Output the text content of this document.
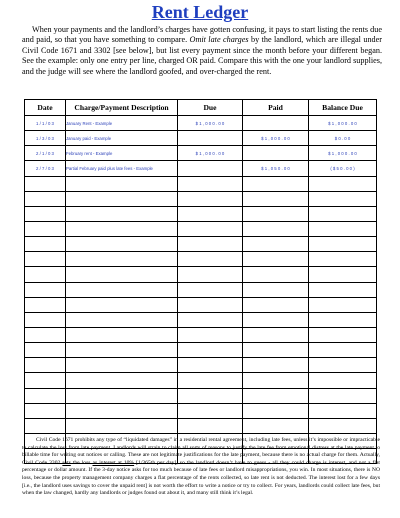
Rent Ledger
When your payments and the landlord’s charges have gotten confusing, it pays to start listing the rents due and paid, so that you have something to compare. Omit late charges by the landlord, which are illegal under Civil Code 1671 and 3302 [see below], but list every payment since the month before your different began. See the example: only one entry per line, charged OR paid. Compare this with the one your landlord supplies, and the judge will see where the landlord goofed, and over-charged the rent.
Date	Charge/Payment Description	Due	Paid	Balance Due
1 / 1 / 0 3	January Rent - Example	$ 1 , 0 0 0 . 0 0		$ 1 , 0 0 0 . 0 0
1 / 3 / 0 3	January paid - Example		$ 1 , 0 0 0 . 0 0	$ 0 . 0 0
2 / 1 / 0 3	February rent - Example	$ 1 , 0 0 0 . 0 0		$ 1 , 0 0 0 . 0 0
2 / 7 / 0 3	Partial February paid plus late fees - Example		$ 1 , 0 5 0 . 0 0	( $ 5 0 . 0 0 )

Civil Code 1671 prohibits any type of “liquidated damages” in a residential rental agreement, including late fees, unless it’s impossible or impracticable to calculate the loss from late payment. Landlords will strain to claim all sorts of reasons to justify the late fee from emotional distress at the late payment to billable time for writing out notices or calling. These are not legitimate justifications for the late payment, because there is no actual charge for them. Actually, Civil Code 3302 sets the loss as interest at 10% [1/365th per day], so the landlord doesn’t have to guess - all they could charge is interest, and not a flat percentage or dollar amount. If the 3-day notice asks for too much because of late fees or landlord misappropriations, you win. In most situations, there is NO loss, because the property management company charges a flat percentage of the rents collected, so late rent is not deducted. The interest lost for a few days [i.e., the landlord uses savings to cover the unpaid rent] is not worth the effort to write a notice or try to collect. For years, landlords could collect late fees, but when the law changed, hardly any landlords or judges found out about it, and many still think it’s legal.
